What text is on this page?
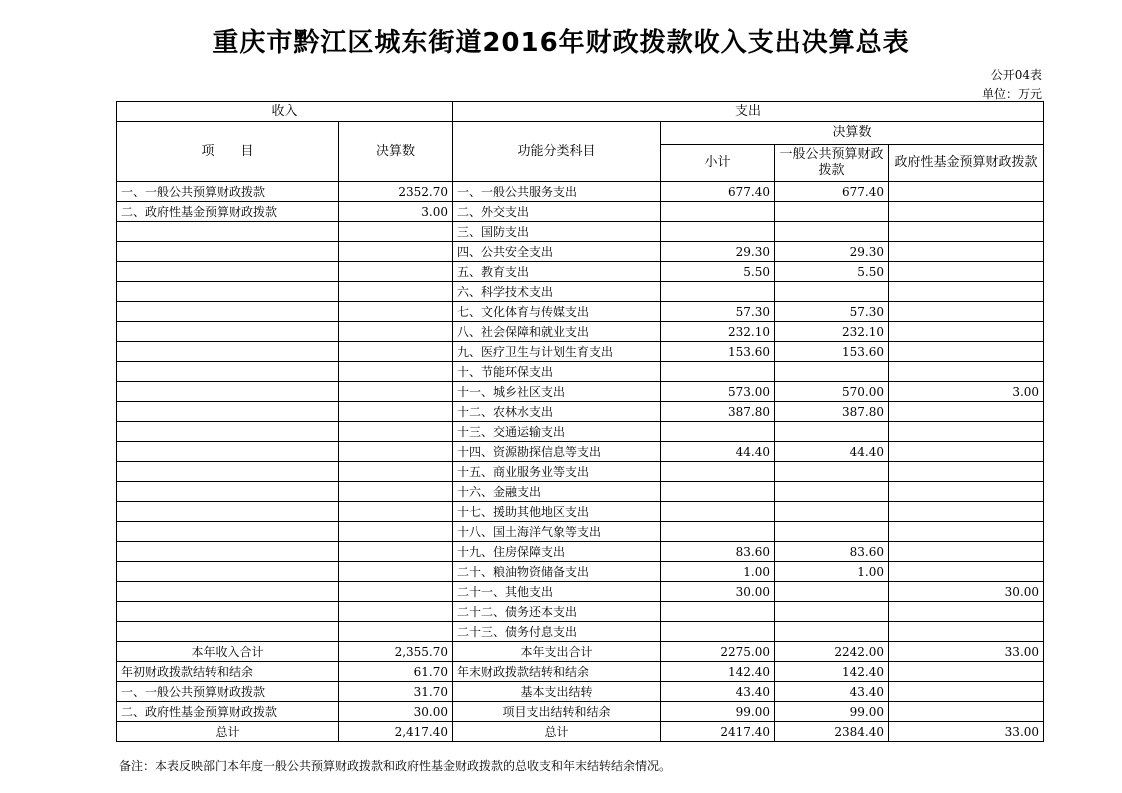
重庆市黔江区城东街道2016年财政拨款收入支出决算总表
公开04表
单位：万元
收入		支出			
项　　目	决算数	功能分类科目	决算数		
			小计	一般公共预算财政拨款	政府性基金预算财政拨款
一、一般公共预算财政拨款	2352.70	一、一般公共服务支出	677.40	677.40	
二、政府性基金预算财政拨款	3.00	二、外交支出			
		三、国防支出			
		四、公共安全支出	29.30	29.30	
		五、教育支出	5.50	5.50	
		六、科学技术支出			
		七、文化体育与传媒支出	57.30	57.30	
		八、社会保障和就业支出	232.10	232.10	
		九、医疗卫生与计划生育支出	153.60	153.60	
		十、节能环保支出			
		十一、城乡社区支出	573.00	570.00	3.00
		十二、农林水支出	387.80	387.80	
		十三、交通运输支出			
		十四、资源勘探信息等支出	44.40	44.40	
		十五、商业服务业等支出			
		十六、金融支出			
		十七、援助其他地区支出			
		十八、国土海洋气象等支出			
		十九、住房保障支出	83.60	83.60	
		二十、粮油物资储备支出	1.00	1.00	
		二十一、其他支出	30.00		30.00
		二十二、债务还本支出			
		二十三、债务付息支出			
本年收入合计	2,355.70	本年支出合计	2275.00	2242.00	33.00
年初财政拨款结转和结余	61.70	年末财政拨款结转和结余	142.40	142.40	
一、一般公共预算财政拨款	31.70	基本支出结转	43.40	43.40	
二、政府性基金预算财政拨款	30.00	项目支出结转和结余	99.00	99.00	
总计	2,417.40	总计	2417.40	2384.40	33.00
备注：本表反映部门本年度一般公共预算财政拨款和政府性基金财政拨款的总收支和年末结转结余情况。
